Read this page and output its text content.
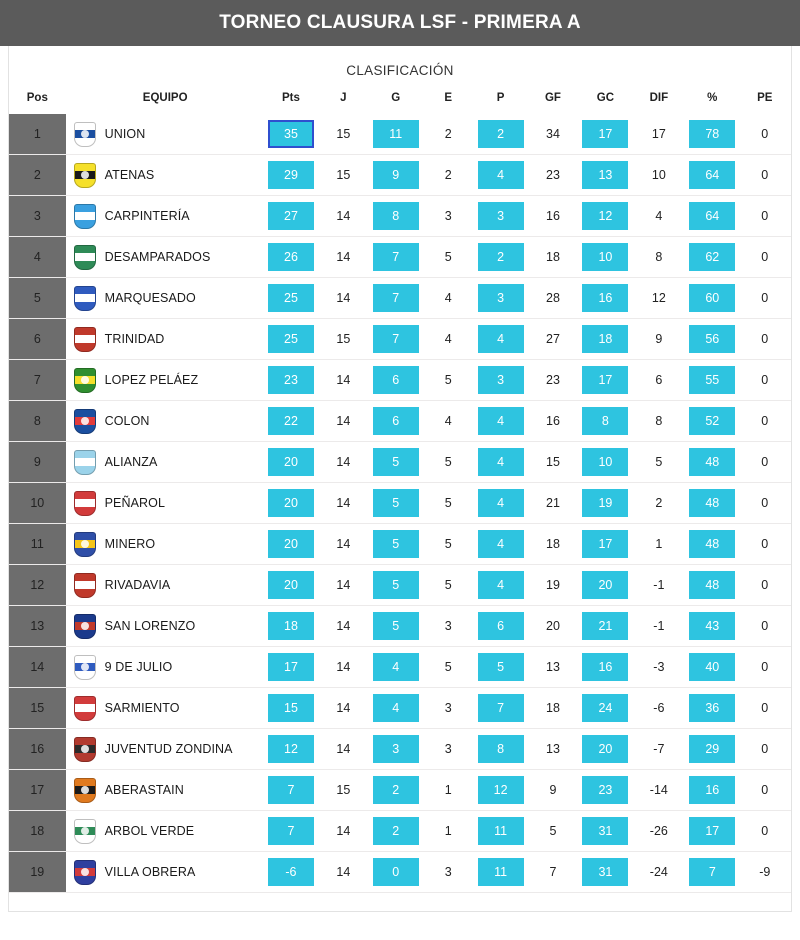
TORNEO CLAUSURA LSF - PRIMERA A
CLASIFICACIÓN
Pos	EQUIPO	Pts	J	G	E	P	GF	GC	DIF	%	PE
1	UNION	35	15	11	2	2	34	17	17	78	0
2	ATENAS	29	15	9	2	4	23	13	10	64	0
3	CARPINTERÍA	27	14	8	3	3	16	12	4	64	0
4	DESAMPARADOS	26	14	7	5	2	18	10	8	62	0
5	MARQUESADO	25	14	7	4	3	28	16	12	60	0
6	TRINIDAD	25	15	7	4	4	27	18	9	56	0
7	LOPEZ PELÁEZ	23	14	6	5	3	23	17	6	55	0
8	COLON	22	14	6	4	4	16	8	8	52	0
9	ALIANZA	20	14	5	5	4	15	10	5	48	0
10	PEÑAROL	20	14	5	5	4	21	19	2	48	0
11	MINERO	20	14	5	5	4	18	17	1	48	0
12	RIVADAVIA	20	14	5	5	4	19	20	-1	48	0
13	SAN LORENZO	18	14	5	3	6	20	21	-1	43	0
14	9 DE JULIO	17	14	4	5	5	13	16	-3	40	0
15	SARMIENTO	15	14	4	3	7	18	24	-6	36	0
16	JUVENTUD ZONDINA	12	14	3	3	8	13	20	-7	29	0
17	ABERASTAIN	7	15	2	1	12	9	23	-14	16	0
18	ARBOL VERDE	7	14	2	1	11	5	31	-26	17	0
19	VILLA OBRERA	-6	14	0	3	11	7	31	-24	7	-9
